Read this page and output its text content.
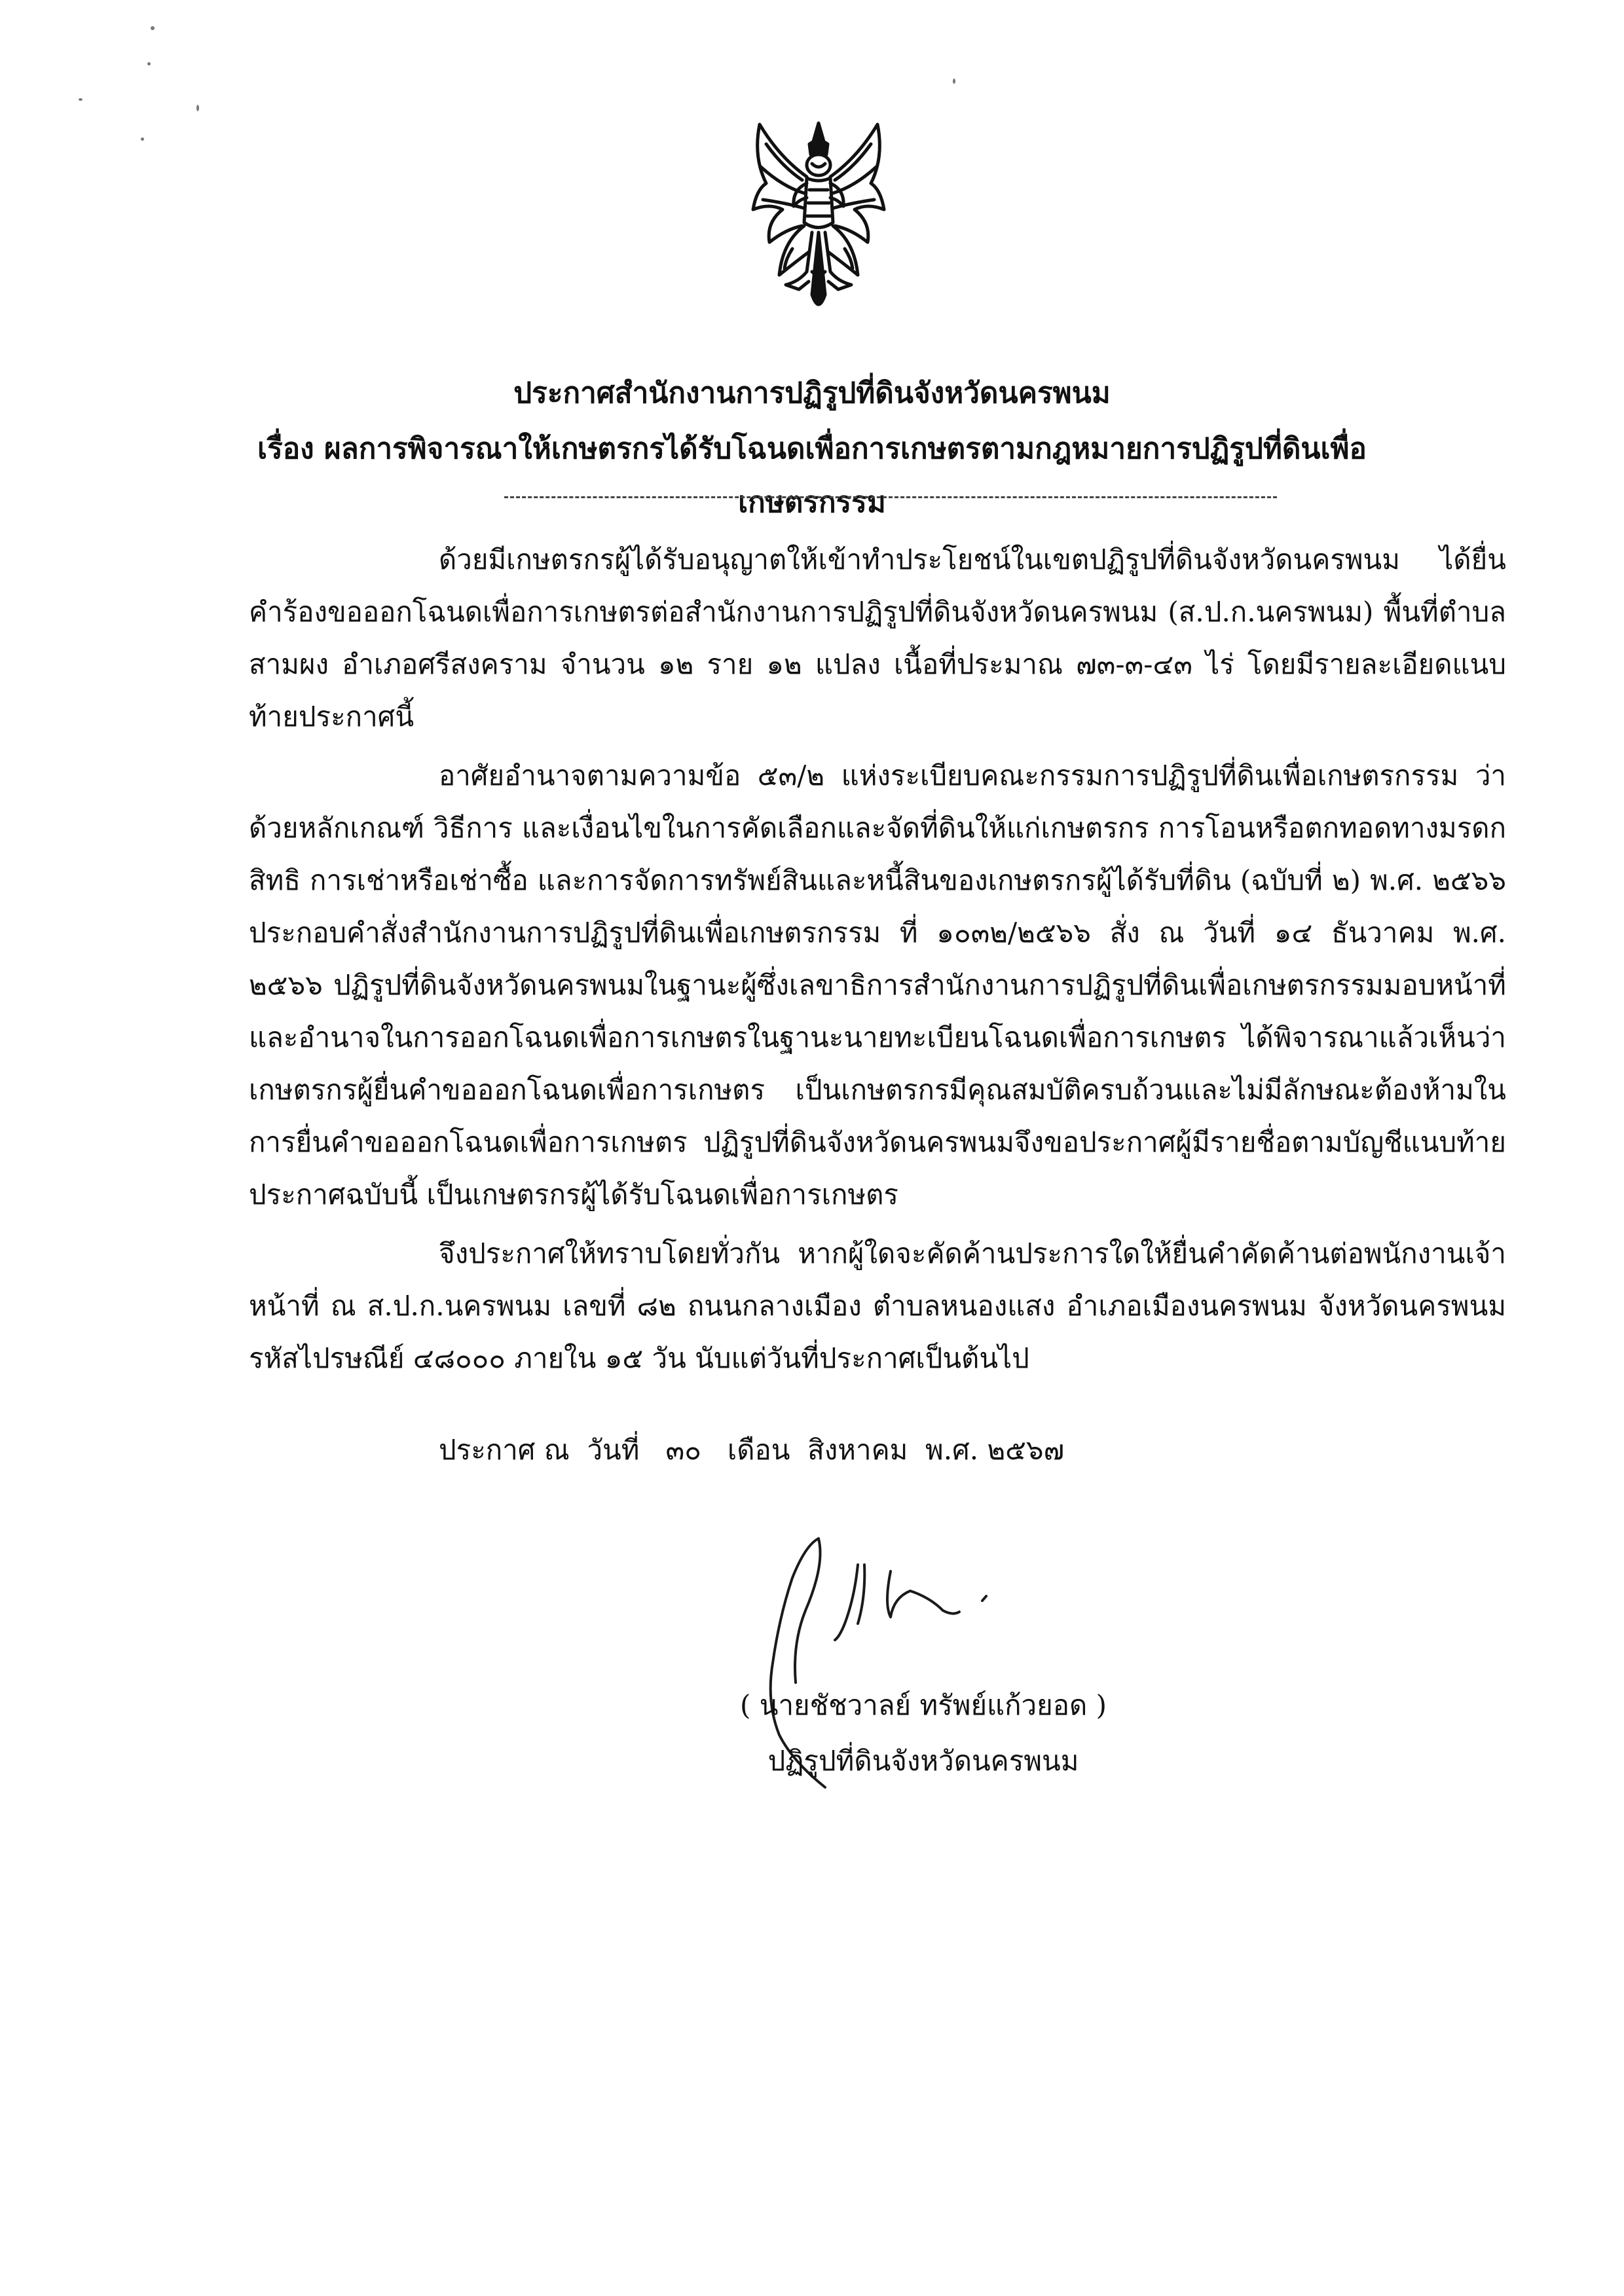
ประกาศสำนักงานการปฏิรูปที่ดินจังหวัดนครพนม
เรื่อง ผลการพิจารณาให้เกษตรกรได้รับโฉนดเพื่อการเกษตรตามกฎหมายการปฏิรูปที่ดินเพื่อเกษตรกรรม
ด้วยมีเกษตรกรผู้ได้รับอนุญาตให้เข้าทำประโยชน์ในเขตปฏิรูปที่ดินจังหวัดนครพนม ได้ยื่นคำร้องขอออกโฉนดเพื่อการเกษตรต่อสำนักงานการปฏิรูปที่ดินจังหวัดนครพนม (ส.ป.ก.นครพนม) พื้นที่ตำบลสามผง อำเภอศรีสงคราม จำนวน ๑๒ ราย ๑๒ แปลง เนื้อที่ประมาณ ๗๓-๓-๔๓ ไร่ โดยมีรายละเอียดแนบท้ายประกาศนี้
อาศัยอำนาจตามความข้อ ๕๓/๒ แห่งระเบียบคณะกรรมการปฏิรูปที่ดินเพื่อเกษตรกรรม ว่าด้วยหลักเกณฑ์ วิธีการ และเงื่อนไขในการคัดเลือกและจัดที่ดินให้แก่เกษตรกร การโอนหรือตกทอดทางมรดกสิทธิ การเช่าหรือเช่าซื้อ และการจัดการทรัพย์สินและหนี้สินของเกษตรกรผู้ได้รับที่ดิน (ฉบับที่ ๒) พ.ศ. ๒๕๖๖ ประกอบคำสั่งสำนักงานการปฏิรูปที่ดินเพื่อเกษตรกรรม ที่ ๑๐๓๒/๒๕๖๖ สั่ง ณ วันที่ ๑๔ ธันวาคม พ.ศ. ๒๕๖๖ ปฏิรูปที่ดินจังหวัดนครพนมในฐานะผู้ซึ่งเลขาธิการสำนักงานการปฏิรูปที่ดินเพื่อเกษตรกรรมมอบหน้าที่และอำนาจในการออกโฉนดเพื่อการเกษตรในฐานะนายทะเบียนโฉนดเพื่อการเกษตร ได้พิจารณาแล้วเห็นว่า เกษตรกรผู้ยื่นคำขอออกโฉนดเพื่อการเกษตร เป็นเกษตรกรมีคุณสมบัติครบถ้วนและไม่มีลักษณะต้องห้ามในการยื่นคำขอออกโฉนดเพื่อการเกษตร ปฏิรูปที่ดินจังหวัดนครพนมจึงขอประกาศผู้มีรายชื่อตามบัญชีแนบท้ายประกาศฉบับนี้ เป็นเกษตรกรผู้ได้รับโฉนดเพื่อการเกษตร
จึงประกาศให้ทราบโดยทั่วกัน หากผู้ใดจะคัดค้านประการใดให้ยื่นคำคัดค้านต่อพนักงานเจ้าหน้าที่ ณ ส.ป.ก.นครพนม เลขที่ ๘๒ ถนนกลางเมือง ตำบลหนองแสง อำเภอเมืองนครพนม จังหวัดนครพนม รหัสไปรษณีย์ ๔๘๐๐๐ ภายใน ๑๕ วัน นับแต่วันที่ประกาศเป็นต้นไป
ประกาศ ณ  วันที่   ๓๐   เดือน  สิงหาคม  พ.ศ. ๒๕๖๗
( นายชัชวาลย์ ทรัพย์แก้วยอด )
ปฏิรูปที่ดินจังหวัดนครพนม
